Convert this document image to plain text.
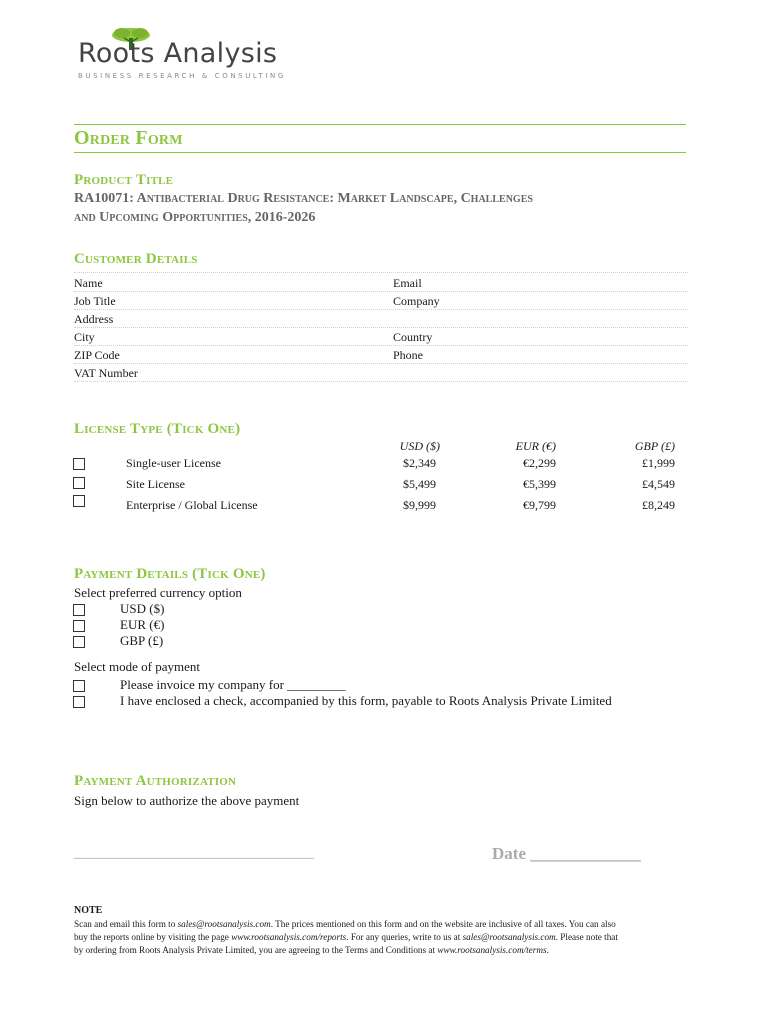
Roots Analysis
BUSINESS RESEARCH & CONSULTING
Order Form
Product Title
RA10071: Antibacterial Drug Resistance: Market Landscape, Challenges
and Upcoming Opportunities, 2016-2026
Customer Details
Name	Email
Job Title	Company
Address
City	Country
ZIP Code	Phone
VAT Number
License Type (Tick One)
USD ($)	EUR (€)	GBP (£)
Single-user License	$2,349	€2,299	£1,999
Site License	$5,499	€5,399	£4,549
Enterprise / Global License	$9,999	€9,799	£8,249
Payment Details (Tick One)
Select preferred currency option
USD ($)
EUR (€)
GBP (£)
Select mode of payment
Please invoice my company for _________
I have enclosed a check, accompanied by this form, payable to Roots Analysis Private Limited
Payment Authorization
Sign below to authorize the above payment
________________________________	Date _____________
NOTE
Scan and email this form to sales@rootsanalysis.com. The prices mentioned on this form and on the website are inclusive of all taxes. You can also
buy the reports online by visiting the page www.rootsanalysis.com/reports. For any queries, write to us at sales@rootsanalysis.com. Please note that
by ordering from Roots Analysis Private Limited, you are agreeing to the Terms and Conditions at www.rootsanalysis.com/terms.
